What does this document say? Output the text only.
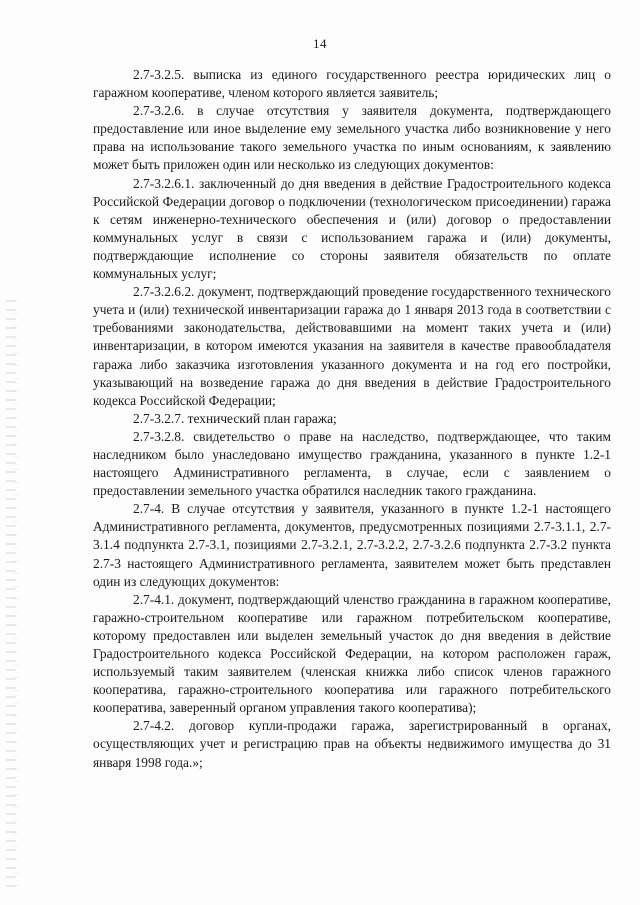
14

2.7-3.2.5. выписка из единого государственного реестра юридических лиц о гаражном кооперативе, членом которого является заявитель;

2.7-3.2.6. в случае отсутствия у заявителя документа, подтверждающего предоставление или иное выделение ему земельного участка либо возникновение у него права на использование такого земельного участка по иным основаниям, к заявлению может быть приложен один или несколько из следующих документов:

2.7-3.2.6.1. заключенный до дня введения в действие Градостроительного кодекса Российской Федерации договор о подключении (технологическом присоединении) гаража к сетям инженерно-технического обеспечения и (или) договор о предоставлении коммунальных услуг в связи с использованием гаража и (или) документы, подтверждающие исполнение со стороны заявителя обязательств по оплате коммунальных услуг;

2.7-3.2.6.2. документ, подтверждающий проведение государственного технического учета и (или) технической инвентаризации гаража до 1 января 2013 года в соответствии с требованиями законодательства, действовавшими на момент таких учета и (или) инвентаризации, в котором имеются указания на заявителя в качестве правообладателя гаража либо заказчика изготовления указанного документа и на год его постройки, указывающий на возведение гаража до дня введения в действие Градостроительного кодекса Российской Федерации;

2.7-3.2.7. технический план гаража;

2.7-3.2.8. свидетельство о праве на наследство, подтверждающее, что таким наследником было унаследовано имущество гражданина, указанного в пункте 1.2-1 настоящего Административного регламента, в случае, если с заявлением о предоставлении земельного участка обратился наследник такого гражданина.

2.7-4. В случае отсутствия у заявителя, указанного в пункте 1.2-1 настоящего Административного регламента, документов, предусмотренных позициями 2.7-3.1.1, 2.7-3.1.4 подпункта 2.7-3.1, позициями 2.7-3.2.1, 2.7-3.2.2, 2.7-3.2.6 подпункта 2.7-3.2 пункта 2.7-3 настоящего Административного регламента, заявителем может быть представлен один из следующих документов:

2.7-4.1. документ, подтверждающий членство гражданина в гаражном кооперативе, гаражно-строительном кооперативе или гаражном потребительском кооперативе, которому предоставлен или выделен земельный участок до дня введения в действие Градостроительного кодекса Российской Федерации, на котором расположен гараж, используемый таким заявителем (членская книжка либо список членов гаражного кооператива, гаражно-строительного кооператива или гаражного потребительского кооператива, заверенный органом управления такого кооператива);

2.7-4.2. договор купли-продажи гаража, зарегистрированный в органах, осуществляющих учет и регистрацию прав на объекты недвижимого имущества до 31 января 1998 года.»;
